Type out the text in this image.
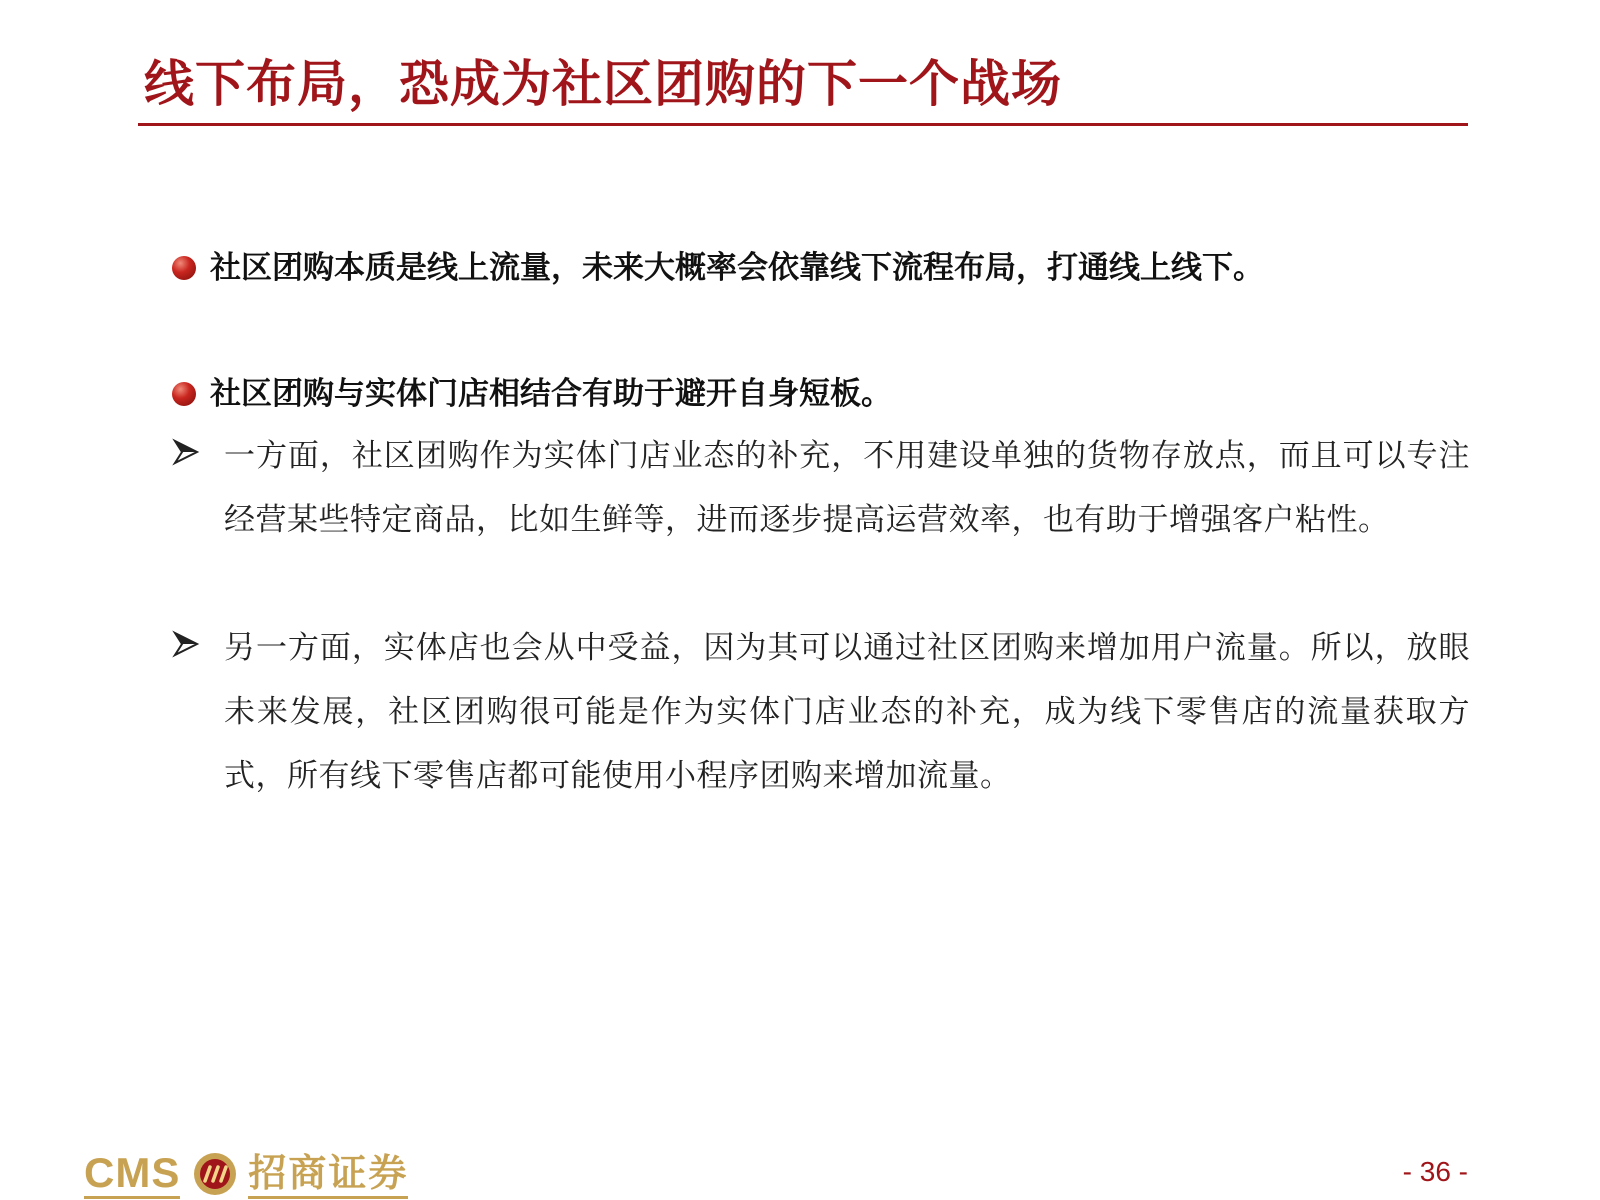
线下布局，恐成为社区团购的下一个战场
社区团购本质是线上流量，未来大概率会依靠线下流程布局，打通线上线下。
社区团购与实体门店相结合有助于避开自身短板。

一方面，社区团购作为实体门店业态的补充，不用建设单独的货物存放点，而且可以专注经营某些特定商品，比如生鲜等，进而逐步提高运营效率，也有助于增强客户粘性。

另一方面，实体店也会从中受益，因为其可以通过社区团购来增加用户流量。所以，放眼未来发展，社区团购很可能是作为实体门店业态的补充，成为线下零售店的流量获取方式，所有线下零售店都可能使用小程序团购来增加流量。

CMS 招商证券	- 36 -
